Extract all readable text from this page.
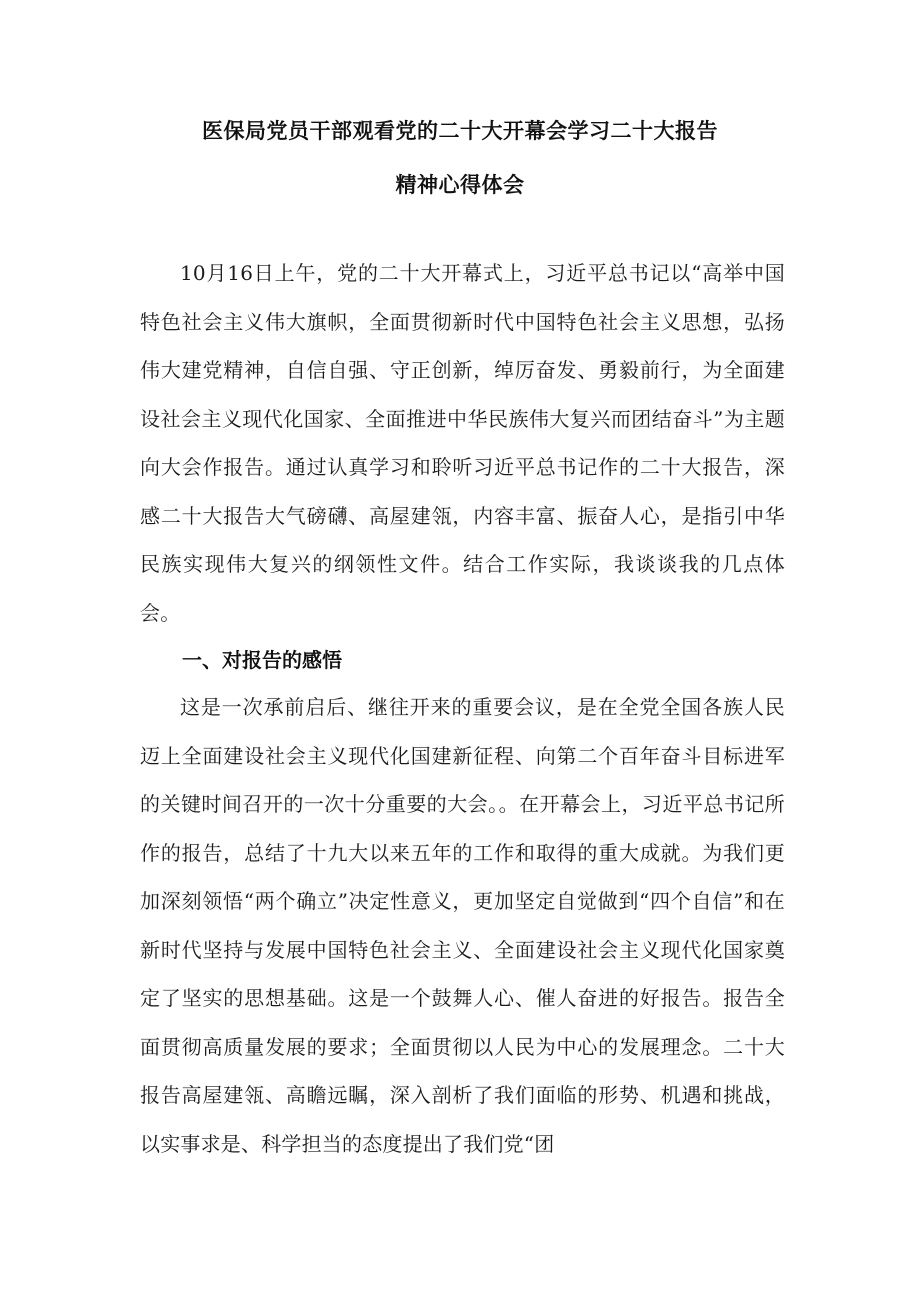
医保局党员干部观看党的二十大开幕会学习二十大报告
精神心得体会

10月16日上午，党的二十大开幕式上，习近平总书记以“高举中国特色社会主义伟大旗帜，全面贯彻新时代中国特色社会主义思想，弘扬伟大建党精神，自信自强、守正创新，绰厉奋发、勇毅前行，为全面建设社会主义现代化国家、全面推进中华民族伟大复兴而团结奋斗”为主题向大会作报告。通过认真学习和聆听习近平总书记作的二十大报告，深感二十大报告大气磅礴、高屋建瓴，内容丰富、振奋人心，是指引中华民族实现伟大复兴的纲领性文件。结合工作实际，我谈谈我的几点体会。

一、对报告的感悟

这是一次承前启后、继往开来的重要会议，是在全党全国各族人民迈上全面建设社会主义现代化国建新征程、向第二个百年奋斗目标进军的关键时间召开的一次十分重要的大会。。在开幕会上，习近平总书记所作的报告，总结了十九大以来五年的工作和取得的重大成就。为我们更加深刻领悟“两个确立”决定性意义，更加坚定自觉做到“四个自信”和在新时代坚持与发展中国特色社会主义、全面建设社会主义现代化国家奠定了坚实的思想基础。这是一个鼓舞人心、催人奋进的好报告。报告全面贯彻高质量发展的要求；全面贯彻以人民为中心的发展理念。二十大报告高屋建瓴、高瞻远瞩，深入剖析了我们面临的形势、机遇和挑战，以实事求是、科学担当的态度提出了我们党“团
